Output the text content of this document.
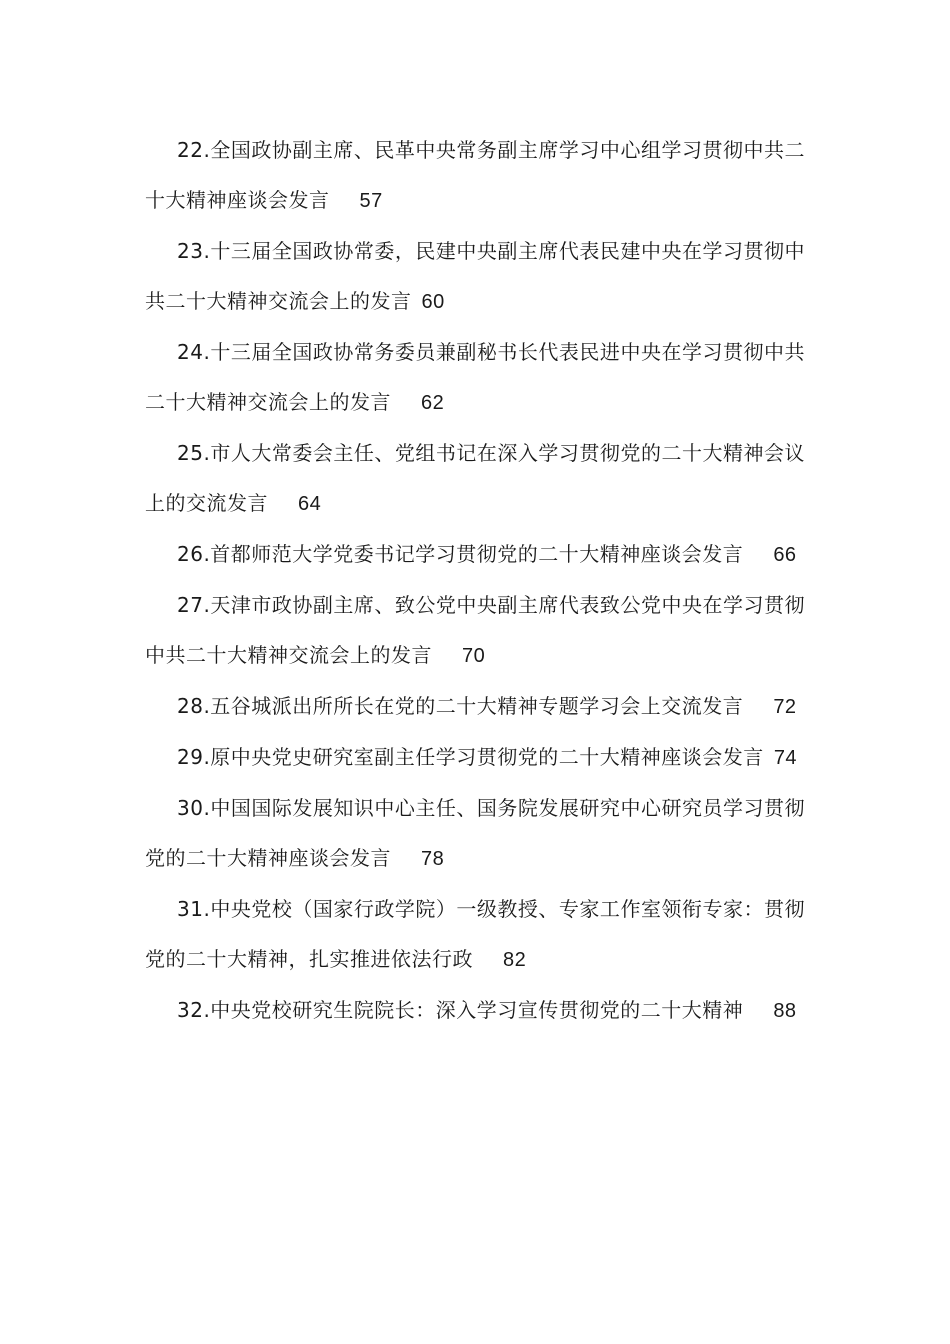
22.全国政协副主席、民革中央常务副主席学习中心组学习贯彻中共二十大精神座谈会发言 57

23.十三届全国政协常委，民建中央副主席代表民建中央在学习贯彻中共二十大精神交流会上的发言 60

24.十三届全国政协常务委员兼副秘书长代表民进中央在学习贯彻中共二十大精神交流会上的发言 62

25.市人大常委会主任、党组书记在深入学习贯彻党的二十大精神会议上的交流发言 64

26.首都师范大学党委书记学习贯彻党的二十大精神座谈会发言 66

27.天津市政协副主席、致公党中央副主席代表致公党中央在学习贯彻中共二十大精神交流会上的发言 70

28.五谷城派出所所长在党的二十大精神专题学习会上交流发言 72

29.原中央党史研究室副主任学习贯彻党的二十大精神座谈会发言 74

30.中国国际发展知识中心主任、国务院发展研究中心研究员学习贯彻党的二十大精神座谈会发言 78

31.中央党校（国家行政学院）一级教授、专家工作室领衔专家：贯彻党的二十大精神，扎实推进依法行政 82

32.中央党校研究生院院长：深入学习宣传贯彻党的二十大精神 88
